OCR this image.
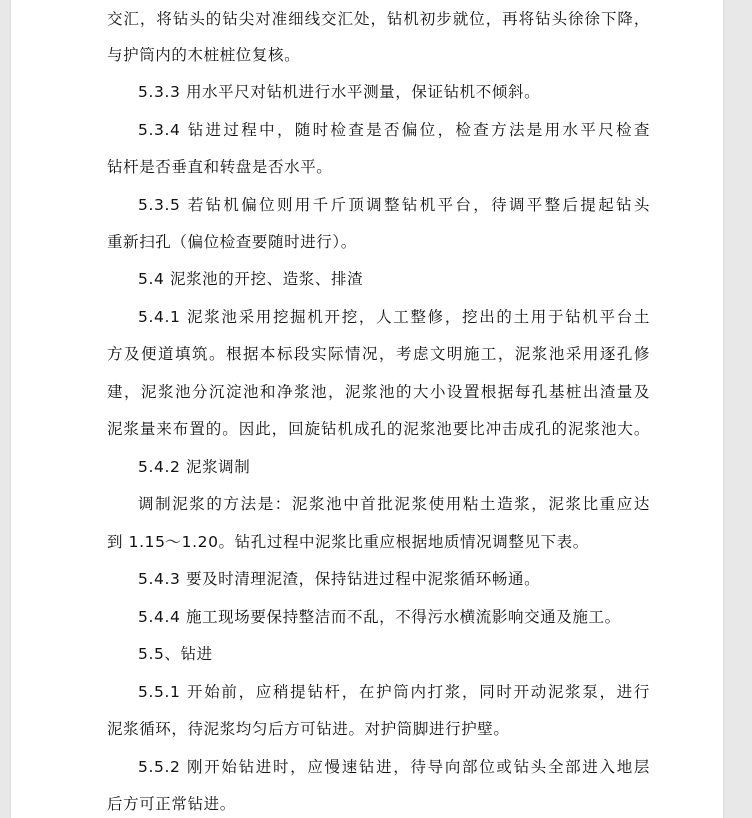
交汇，将钻头的钻尖对准细线交汇处，钻机初步就位，再将钻头徐徐下降，
与护筒内的木桩桩位复核。
5.3.3 用水平尺对钻机进行水平测量，保证钻机不倾斜。
5.3.4 钻进过程中，随时检查是否偏位，检查方法是用水平尺检查
钻杆是否垂直和转盘是否水平。
5.3.5 若钻机偏位则用千斤顶调整钻机平台，待调平整后提起钻头
重新扫孔（偏位检查要随时进行）。
5.4 泥浆池的开挖、造浆、排渣
5.4.1 泥浆池采用挖掘机开挖，人工整修，挖出的土用于钻机平台土
方及便道填筑。根据本标段实际情况，考虑文明施工，泥浆池采用逐孔修
建，泥浆池分沉淀池和净浆池，泥浆池的大小设置根据每孔基桩出渣量及
泥浆量来布置的。因此，回旋钻机成孔的泥浆池要比冲击成孔的泥浆池大。
5.4.2 泥浆调制
调制泥浆的方法是：泥浆池中首批泥浆使用粘土造浆，泥浆比重应达
到 1.15～1.20。钻孔过程中泥浆比重应根据地质情况调整见下表。
5.4.3 要及时清理泥渣，保持钻进过程中泥浆循环畅通。
5.4.4 施工现场要保持整洁而不乱，不得污水横流影响交通及施工。
5.5、钻进
5.5.1 开始前，应稍提钻杆，在护筒内打浆，同时开动泥浆泵，进行
泥浆循环，待泥浆均匀后方可钻进。对护筒脚进行护壁。
5.5.2 刚开始钻进时，应慢速钻进，待导向部位或钻头全部进入地层
后方可正常钻进。
